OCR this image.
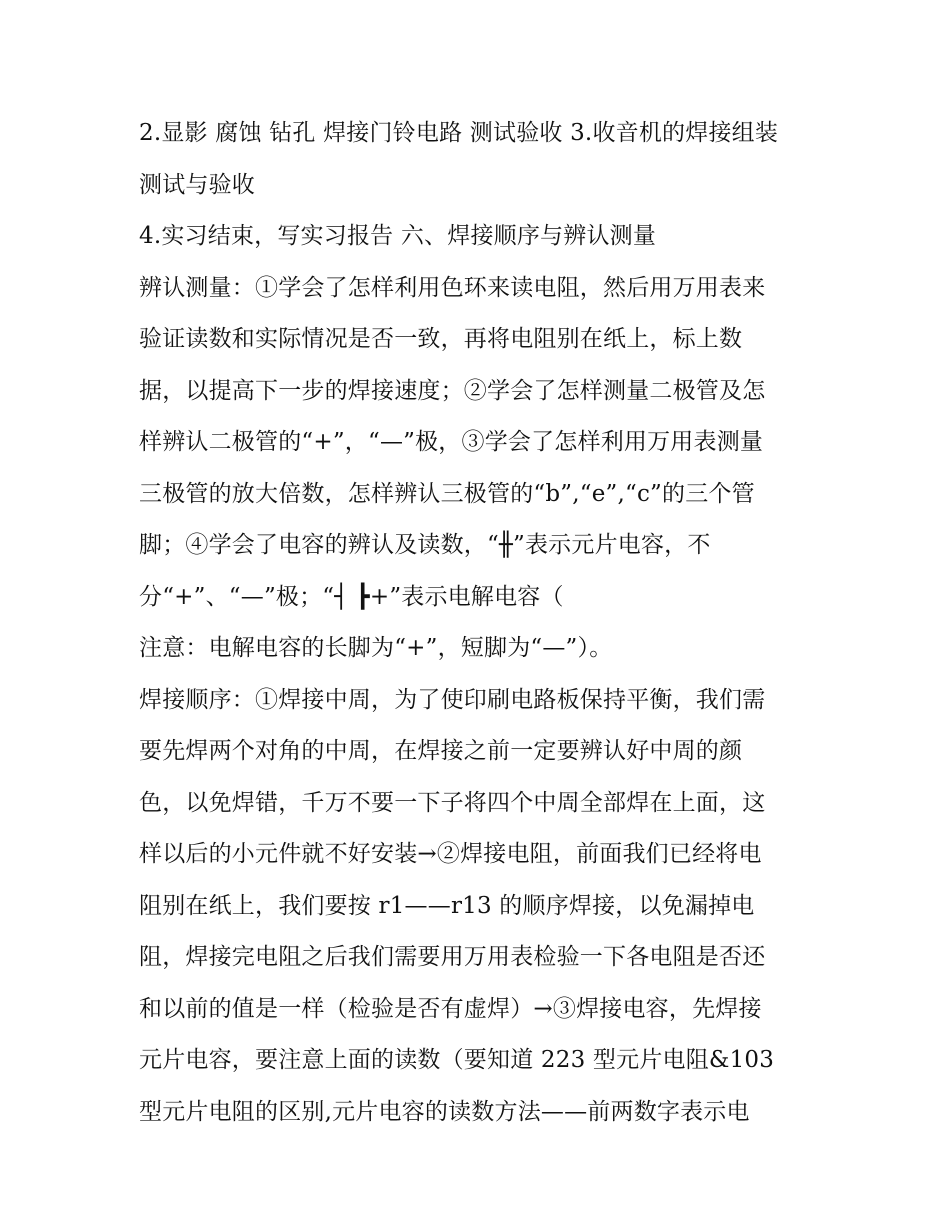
2.显影 腐蚀 钻孔 焊接门铃电路 测试验收 3.收音机的焊接组装
测试与验收
4.实习结束，写实习报告 六、焊接顺序与辨认测量
辨认测量：①学会了怎样利用色环来读电阻，然后用万用表来
验证读数和实际情况是否一致，再将电阻别在纸上，标上数
据，以提高下一步的焊接速度；②学会了怎样测量二极管及怎
样辨认二极管的“+”，“—”极，③学会了怎样利用万用表测量
三极管的放大倍数，怎样辨认三极管的“b”,“e”,“c”的三个管
脚；④学会了电容的辨认及读数，“╫”表示元片电容，不
分“+”、“—”极；“┤ ┣+”表示电解电容（
注意：电解电容的长脚为“+”，短脚为“—”）。
焊接顺序：①焊接中周，为了使印刷电路板保持平衡，我们需
要先焊两个对角的中周，在焊接之前一定要辨认好中周的颜
色，以免焊错，千万不要一下子将四个中周全部焊在上面，这
样以后的小元件就不好安装→②焊接电阻，前面我们已经将电
阻别在纸上，我们要按 r1——r13 的顺序焊接，以免漏掉电
阻，焊接完电阻之后我们需要用万用表检验一下各电阻是否还
和以前的值是一样（检验是否有虚焊）→③焊接电容，先焊接
元片电容，要注意上面的读数（要知道 223 型元片电阻&103
型元片电阻的区别,元片电容的读数方法——前两数字表示电
